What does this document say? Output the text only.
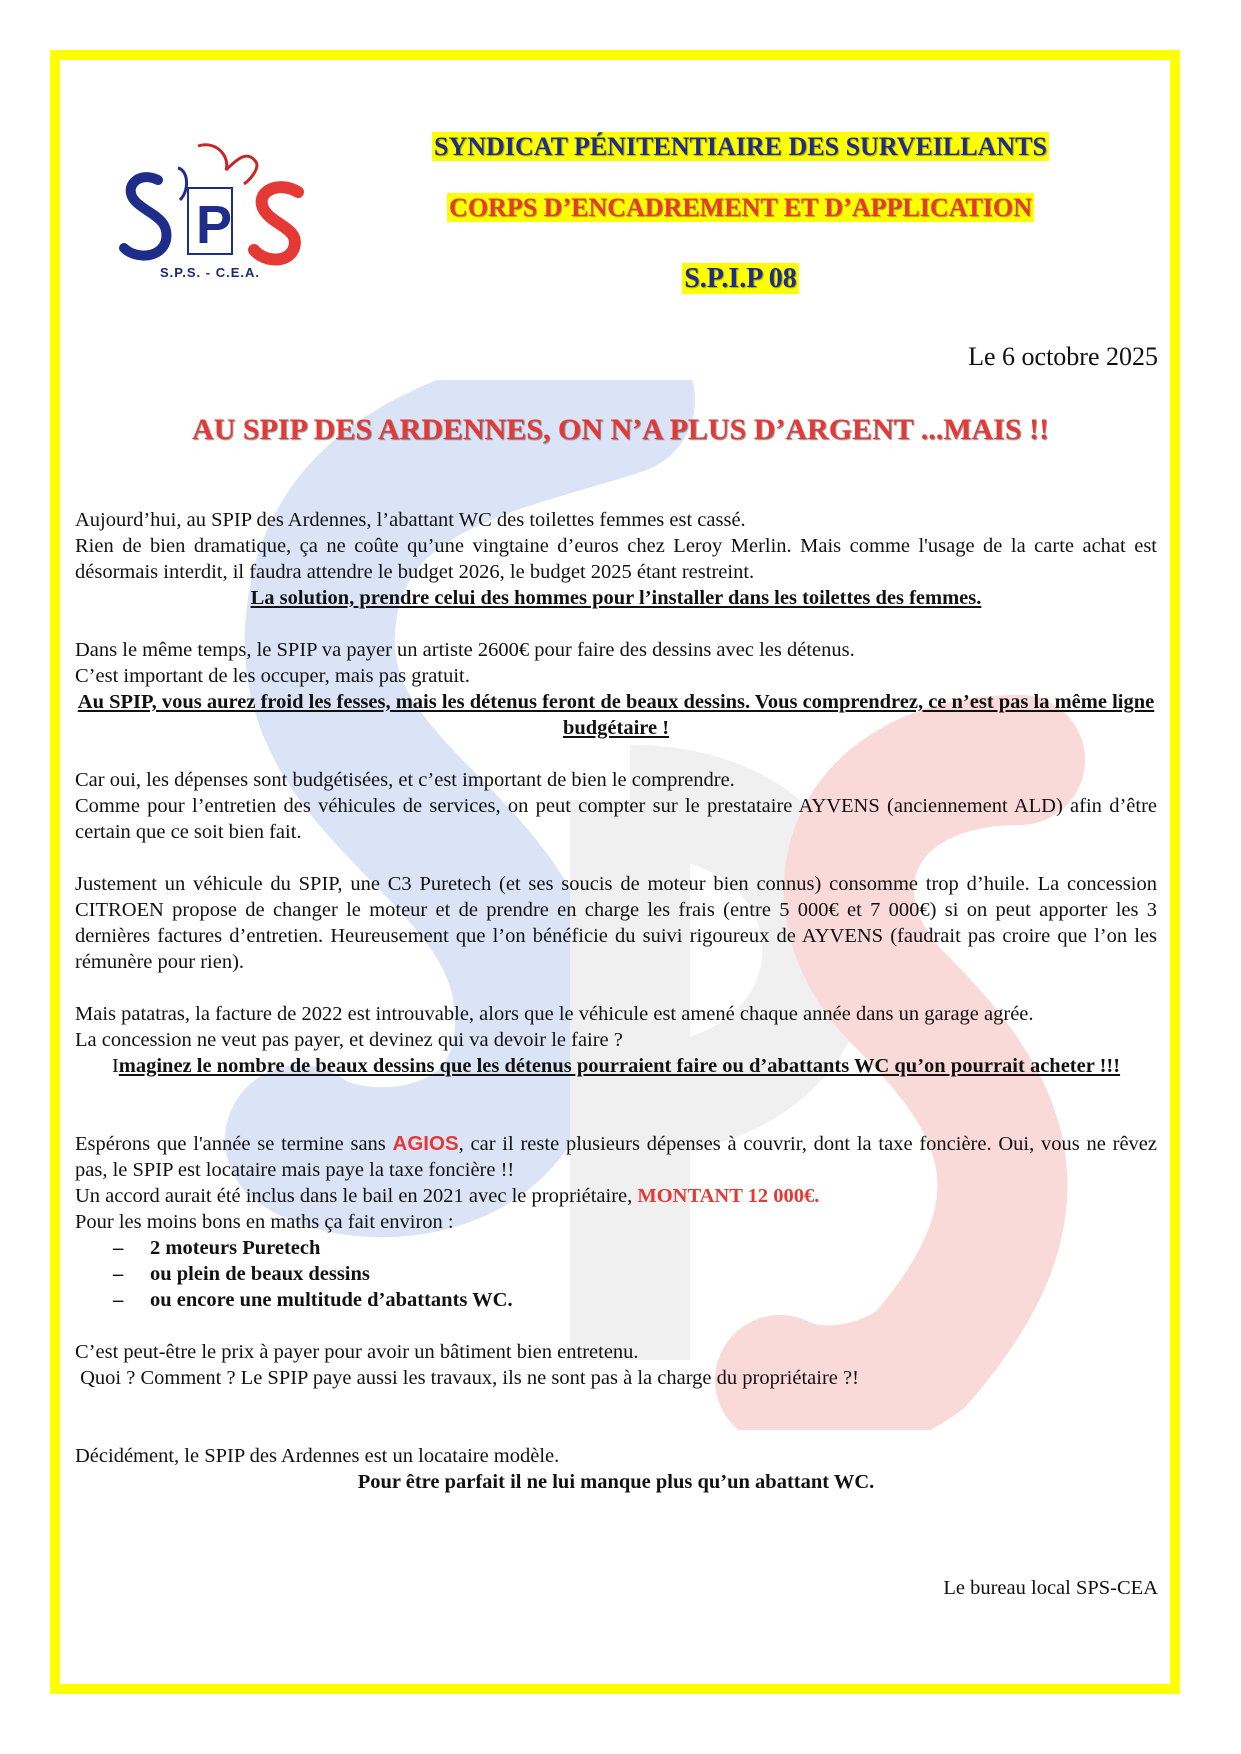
P
S.P.S. - C.E.A.
SYNDICAT PÉNITENTIAIRE DES SURVEILLANTS
CORPS D’ENCADREMENT ET D’APPLICATION
S.P.I.P 08
Le 6 octobre 2025
AU SPIP DES ARDENNES, ON N’A PLUS D’ARGENT ...MAIS !!

Aujourd’hui, au SPIP des Ardennes, l’abattant WC des toilettes femmes est cassé.

Rien de bien dramatique, ça ne coûte qu’une vingtaine d’euros chez Leroy Merlin. Mais comme l'usage de la carte achat est désormais interdit, il faudra attendre le budget 2026, le budget 2025 étant restreint.

La solution, prendre celui des hommes pour l’installer dans les toilettes des femmes.

Dans le même temps, le SPIP va payer un artiste 2600€ pour faire des dessins avec les détenus.

C’est important de les occuper, mais pas gratuit.

Au SPIP, vous aurez froid les fesses, mais les détenus feront de beaux dessins. Vous comprendrez, ce n’est pas la même ligne budgétaire !

Car oui, les dépenses sont budgétisées, et c’est important de bien le comprendre.

Comme pour l’entretien des véhicules de services, on peut compter sur le prestataire AYVENS (anciennement ALD) afin d’être certain que ce soit bien fait.

Justement un véhicule du SPIP, une C3 Puretech (et ses soucis de moteur bien connus) consomme trop d’huile. La concession CITROEN propose de changer le moteur et de prendre en charge les frais (entre 5 000€ et 7 000€) si on peut apporter les 3 dernières factures d’entretien. Heureusement que l’on bénéficie du suivi rigoureux de AYVENS (faudrait pas croire que l’on les rémunère pour rien).

Mais patatras, la facture de 2022 est introuvable, alors que le véhicule est amené chaque année dans un garage agrée.

La concession ne veut pas payer, et devinez qui va devoir le faire ?

Imaginez le nombre de beaux dessins que les détenus pourraient faire ou d’abattants WC qu’on pourrait acheter !!!

Espérons que l'année se termine sans AGIOS, car il reste plusieurs dépenses à couvrir, dont la taxe foncière. Oui, vous ne rêvez pas, le SPIP est locataire mais paye la taxe foncière !!

Un accord aurait été inclus dans le bail en 2021 avec le propriétaire, MONTANT 12 000€.

Pour les moins bons en maths ça fait environ :

– 2 moteurs Puretech
– ou plein de beaux dessins
– ou encore une multitude d’abattants WC.

C’est peut-être le prix à payer pour avoir un bâtiment bien entretenu.

Quoi ? Comment ? Le SPIP paye aussi les travaux, ils ne sont pas à la charge du propriétaire ?!

Décidément, le SPIP des Ardennes est un locataire modèle.

Pour être parfait il ne lui manque plus qu’un abattant WC.

Le bureau local SPS-CEA
